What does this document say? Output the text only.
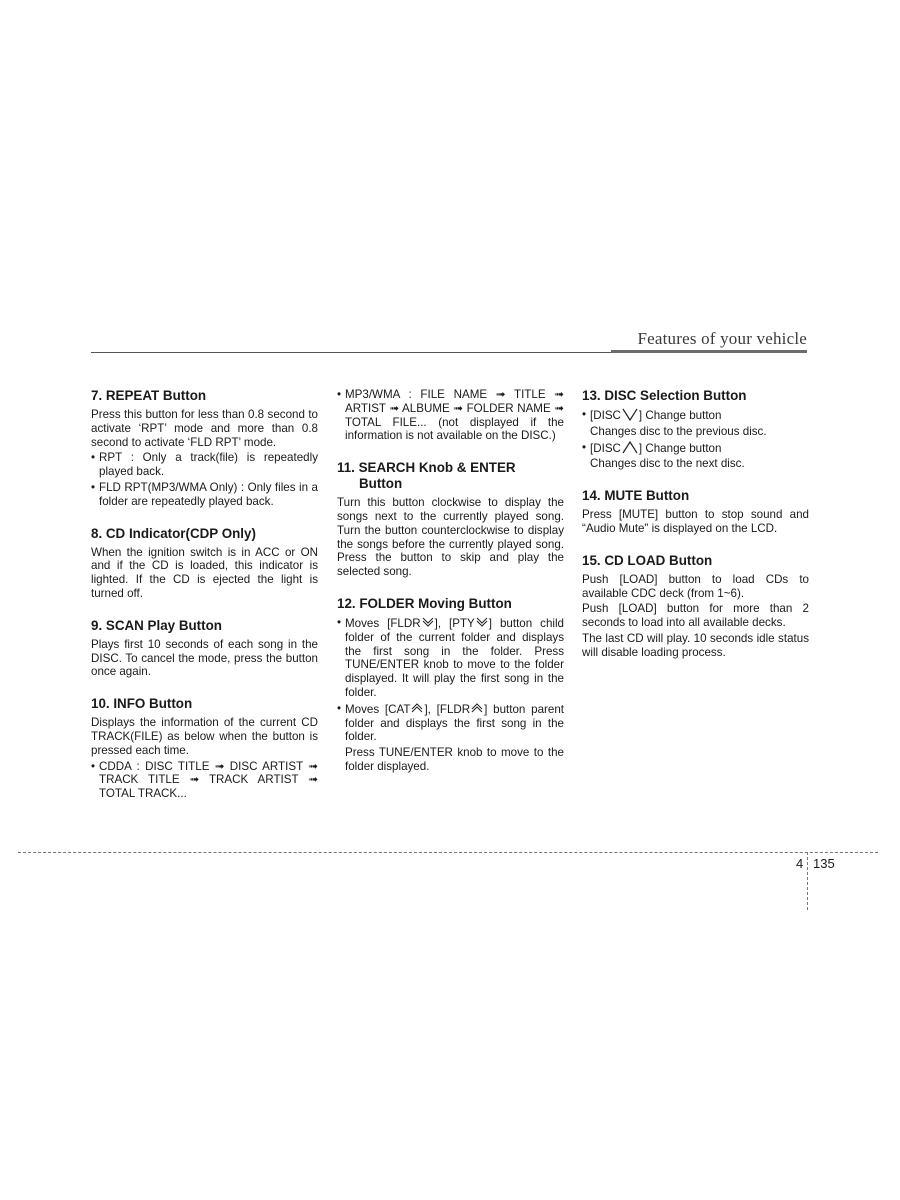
Features of your vehicle
7. REPEAT Button

Press this button for less than 0.8 second to activate ‘RPT’ mode and more than 0.8 second to activate ‘FLD RPT’ mode.

• RPT : Only a track(file) is repeatedly played back.
• FLD RPT(MP3/WMA Only) : Only files in a folder are repeatedly played back.
8. CD Indicator(CDP Only)

When the ignition switch is in ACC or ON and if the CD is loaded, this indicator is lighted. If the CD is ejected the light is turned off.

9. SCAN Play Button

Plays first 10 seconds of each song in the DISC. To cancel the mode, press the button once again.

10. INFO Button

Displays the information of the current CD TRACK(FILE) as below when the button is pressed each time.

• CDDA : DISC TITLE ➟ DISC ARTIST ➟ TRACK TITLE ➟ TRACK ARTIST ➟ TOTAL TRACK...
• MP3/WMA : FILE NAME ➟ TITLE ➟ ARTIST ➟ ALBUME ➟ FOLDER NAME ➟ TOTAL FILE... (not displayed if the information is not available on the DISC.)
11. SEARCH Knob & ENTER
Button

Turn this button clockwise to display the songs next to the currently played song. Turn the button counterclockwise to display the songs before the currently played song. Press the button to skip and play the selected song.

12. FOLDER Moving Button
• Moves [FLDR ], [PTY ] button child folder of the current folder and displays the first song in the folder. Press TUNE/ENTER knob to move to the folder displayed. It will play the first song in the folder.
• Moves [CAT ], [FLDR ] button parent folder and displays the first song in the folder.
Press TUNE/ENTER knob to move to the folder displayed.
13. DISC Selection Button
• [DISC ] Change button
Changes disc to the previous disc.
• [DISC ] Change button
Changes disc to the next disc.
14. MUTE Button

Press [MUTE] button to stop sound and “Audio Mute” is displayed on the LCD.

15. CD LOAD Button

Push [LOAD] button to load CDs to available CDC deck (from 1~6).

Push [LOAD] button for more than 2 seconds to load into all available decks.

The last CD will play. 10 seconds idle status will disable loading process.

4 135
